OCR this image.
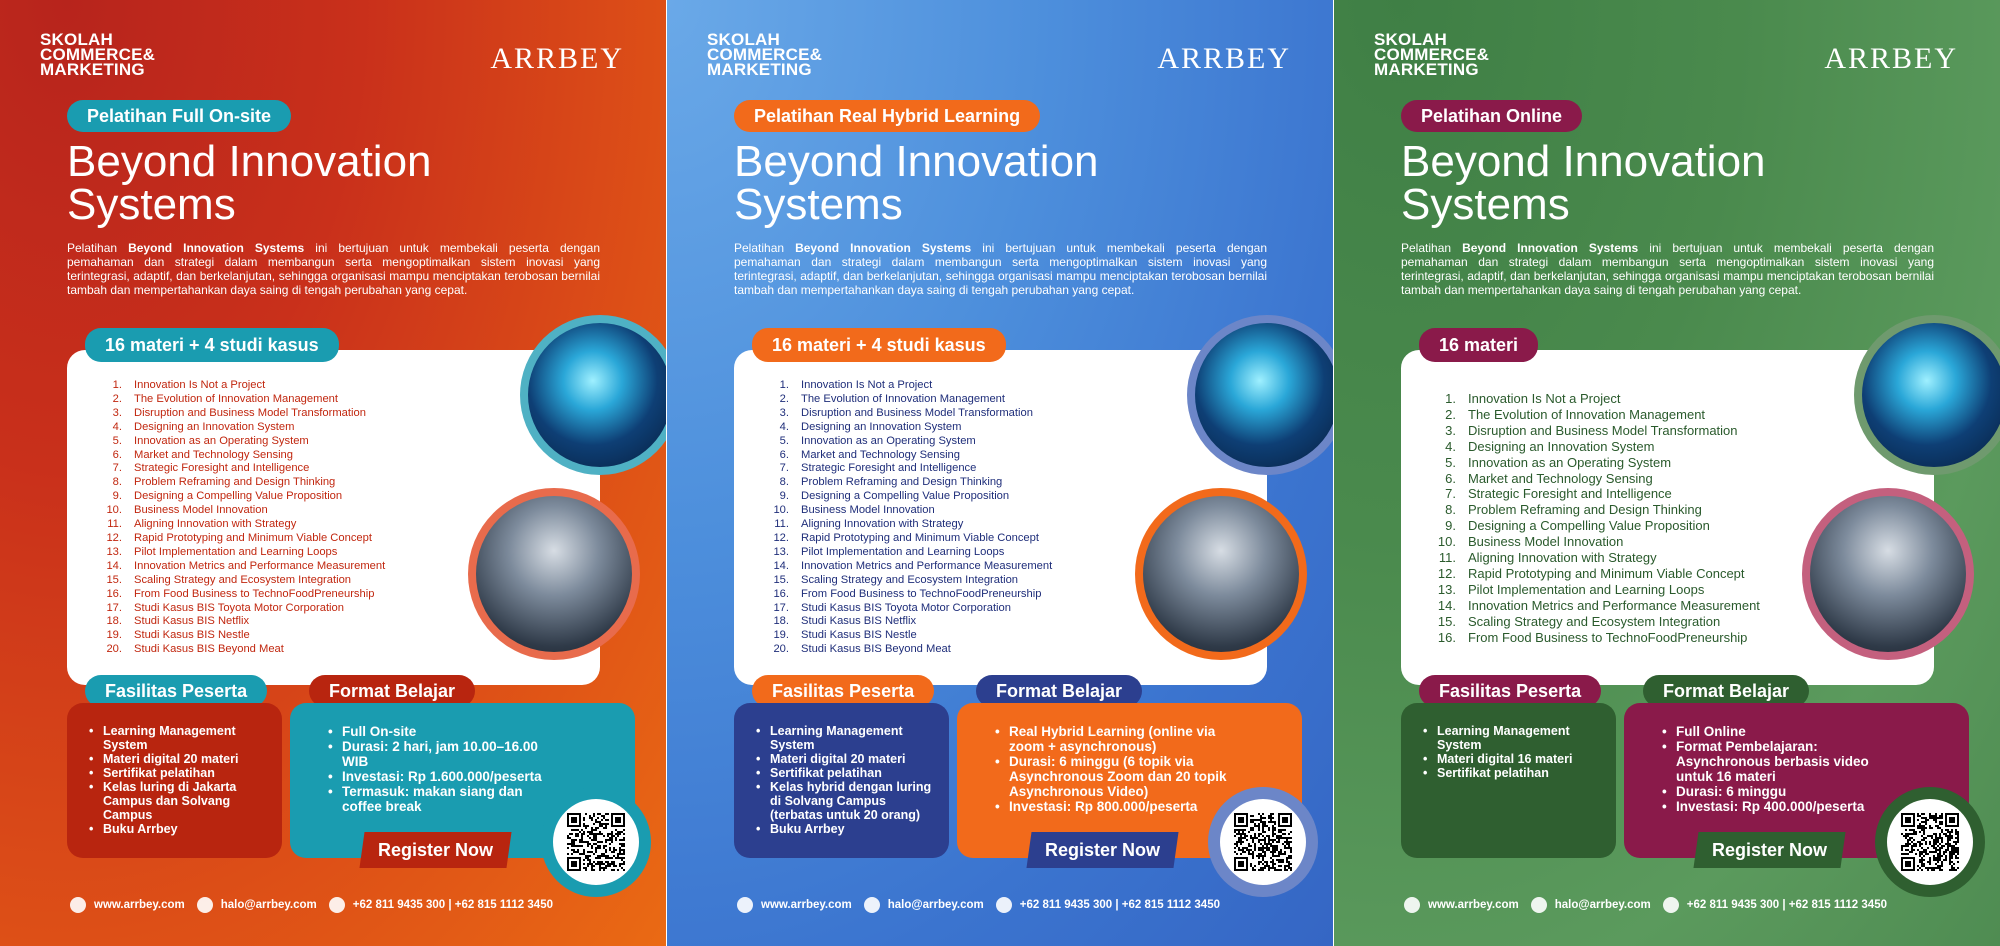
SKOLAH
COMMERCE&
MARKETING	ARRBEY
Pelatihan Full On-site
Beyond Innovation
Systems
Pelatihan Beyond Innovation Systems ini bertujuan untuk membekali peserta dengan pemahaman dan strategi dalam membangun serta mengoptimalkan sistem inovasi yang terintegrasi, adaptif, dan berkelanjutan, sehingga organisasi mampu menciptakan terobosan bernilai tambah dan mempertahankan daya saing di tengah perubahan yang cepat.
16 materi + 4 studi kasus
1. Innovation Is Not a Project
2. The Evolution of Innovation Management
3. Disruption and Business Model Transformation
4. Designing an Innovation System
5. Innovation as an Operating System
6. Market and Technology Sensing
7. Strategic Foresight and Intelligence
8. Problem Reframing and Design Thinking
9. Designing a Compelling Value Proposition
10. Business Model Innovation
11. Aligning Innovation with Strategy
12. Rapid Prototyping and Minimum Viable Concept
13. Pilot Implementation and Learning Loops
14. Innovation Metrics and Performance Measurement
15. Scaling Strategy and Ecosystem Integration
16. From Food Business to TechnoFoodPreneurship
17. Studi Kasus BIS Toyota Motor Corporation
18. Studi Kasus BIS Netflix
19. Studi Kasus BIS Nestle
20. Studi Kasus BIS Beyond Meat
Fasilitas Peserta
• Learning Management System
• Materi digital 20 materi
• Sertifikat pelatihan
• Kelas luring di Jakarta Campus dan Solvang Campus
• Buku Arrbey
Format Belajar
• Full On-site
• Durasi: 2 hari, jam 10.00–16.00 WIB
• Investasi: Rp 1.600.000/peserta
• Termasuk: makan siang dan coffee break
Register Now
www.arrbey.com	halo@arrbey.com	+62 811 9435 300 | +62 815 1112 3450
SKOLAH
COMMERCE&
MARKETING	ARRBEY
Pelatihan Real Hybrid Learning
Beyond Innovation
Systems
Pelatihan Beyond Innovation Systems ini bertujuan untuk membekali peserta dengan pemahaman dan strategi dalam membangun serta mengoptimalkan sistem inovasi yang terintegrasi, adaptif, dan berkelanjutan, sehingga organisasi mampu menciptakan terobosan bernilai tambah dan mempertahankan daya saing di tengah perubahan yang cepat.
16 materi + 4 studi kasus
1. Innovation Is Not a Project
2. The Evolution of Innovation Management
3. Disruption and Business Model Transformation
4. Designing an Innovation System
5. Innovation as an Operating System
6. Market and Technology Sensing
7. Strategic Foresight and Intelligence
8. Problem Reframing and Design Thinking
9. Designing a Compelling Value Proposition
10. Business Model Innovation
11. Aligning Innovation with Strategy
12. Rapid Prototyping and Minimum Viable Concept
13. Pilot Implementation and Learning Loops
14. Innovation Metrics and Performance Measurement
15. Scaling Strategy and Ecosystem Integration
16. From Food Business to TechnoFoodPreneurship
17. Studi Kasus BIS Toyota Motor Corporation
18. Studi Kasus BIS Netflix
19. Studi Kasus BIS Nestle
20. Studi Kasus BIS Beyond Meat
Fasilitas Peserta
• Learning Management System
• Materi digital 20 materi
• Sertifikat pelatihan
• Kelas hybrid dengan luring di Solvang Campus (terbatas untuk 20 orang)
• Buku Arrbey
Format Belajar
• Real Hybrid Learning (online via zoom + asynchronous)
• Durasi: 6 minggu (6 topik via Asynchronous Zoom dan 20 topik Asynchronous Video)
• Investasi: Rp 800.000/peserta
Register Now
www.arrbey.com	halo@arrbey.com	+62 811 9435 300 | +62 815 1112 3450
SKOLAH
COMMERCE&
MARKETING	ARRBEY
Pelatihan Online
Beyond Innovation
Systems
Pelatihan Beyond Innovation Systems ini bertujuan untuk membekali peserta dengan pemahaman dan strategi dalam membangun serta mengoptimalkan sistem inovasi yang terintegrasi, adaptif, dan berkelanjutan, sehingga organisasi mampu menciptakan terobosan bernilai tambah dan mempertahankan daya saing di tengah perubahan yang cepat.
16 materi
1. Innovation Is Not a Project
2. The Evolution of Innovation Management
3. Disruption and Business Model Transformation
4. Designing an Innovation System
5. Innovation as an Operating System
6. Market and Technology Sensing
7. Strategic Foresight and Intelligence
8. Problem Reframing and Design Thinking
9. Designing a Compelling Value Proposition
10. Business Model Innovation
11. Aligning Innovation with Strategy
12. Rapid Prototyping and Minimum Viable Concept
13. Pilot Implementation and Learning Loops
14. Innovation Metrics and Performance Measurement
15. Scaling Strategy and Ecosystem Integration
16. From Food Business to TechnoFoodPreneurship
Fasilitas Peserta
• Learning Management System
• Materi digital 16 materi
• Sertifikat pelatihan
Format Belajar
• Full Online
• Format Pembelajaran: Asynchronous berbasis video untuk 16 materi
• Durasi: 6 minggu
• Investasi: Rp 400.000/peserta
Register Now
www.arrbey.com	halo@arrbey.com	+62 811 9435 300 | +62 815 1112 3450
